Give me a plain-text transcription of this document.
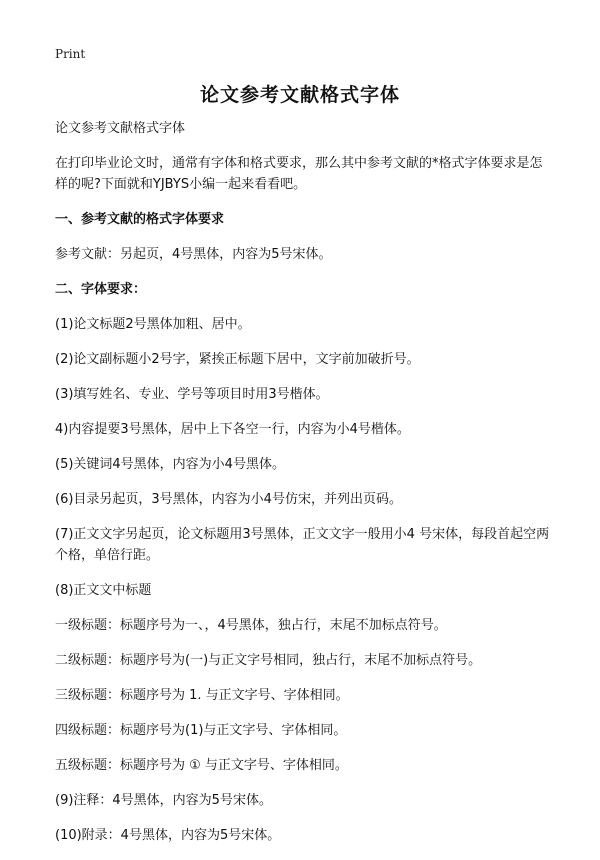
Print
论文参考文献格式字体

论文参考文献格式字体

在打印毕业论文时，通常有字体和格式要求，那么其中参考文献的*格式字体要求是怎样的呢?下面就和YJBYS小编一起来看看吧。

一、参考文献的格式字体要求

参考文献：另起页，4号黑体，内容为5号宋体。

二、字体要求：

(1)论文标题2号黑体加粗、居中。

(2)论文副标题小2号字，紧挨正标题下居中，文字前加破折号。

(3)填写姓名、专业、学号等项目时用3号楷体。

4)内容提要3号黑体，居中上下各空一行，内容为小4号楷体。

(5)关键词4号黑体，内容为小4号黑体。

(6)目录另起页，3号黑体，内容为小4号仿宋，并列出页码。

(7)正文文字另起页，论文标题用3号黑体，正文文字一般用小4 号宋体，每段首起空两个格，单倍行距。

(8)正文文中标题

一级标题：标题序号为一、，4号黑体，独占行，末尾不加标点符号。

二级标题：标题序号为(一)与正文字号相同，独占行，末尾不加标点符号。

三级标题：标题序号为 1. 与正文字号、字体相同。

四级标题：标题序号为(1)与正文字号、字体相同。

五级标题：标题序号为 ① 与正文字号、字体相同。

(9)注释：4号黑体，内容为5号宋体。

(10)附录：4号黑体，内容为5号宋体。
